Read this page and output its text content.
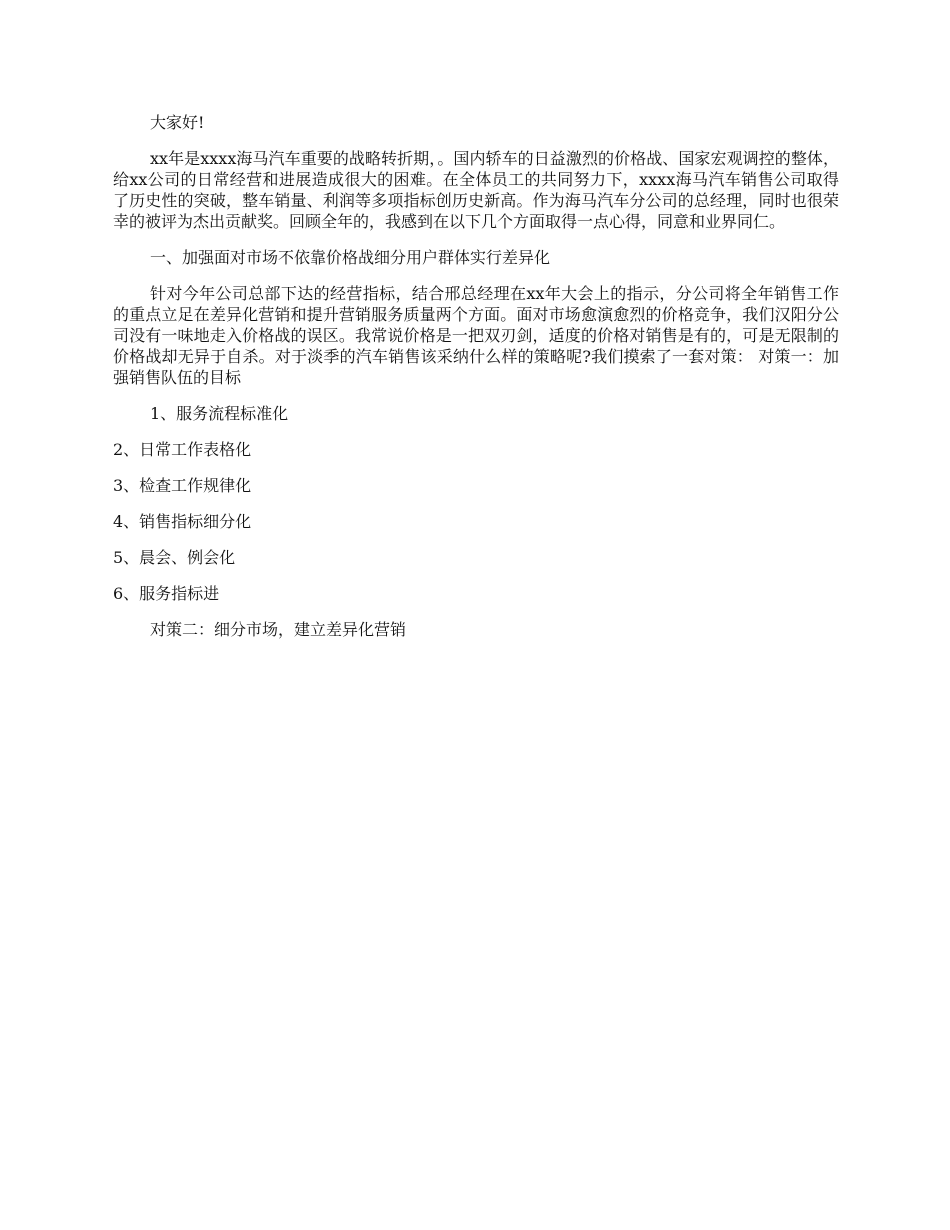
大家好!

xx年是xxxx海马汽车重要的战略转折期，。国内轿车的日益激烈的价格战、国家宏观调控的整体，给xx公司的日常经营和进展造成很大的困难。在全体员工的共同努力下，xxxx海马汽车销售公司取得了历史性的突破，整车销量、利润等多项指标创历史新高。作为海马汽车分公司的总经理，同时也很荣幸的被评为杰出贡献奖。回顾全年的，我感到在以下几个方面取得一点心得，同意和业界同仁。

一、加强面对市场不依靠价格战细分用户群体实行差异化

针对今年公司总部下达的经营指标，结合邢总经理在xx年大会上的指示，分公司将全年销售工作的重点立足在差异化营销和提升营销服务质量两个方面。面对市场愈演愈烈的价格竞争，我们汉阳分公司没有一味地走入价格战的误区。我常说价格是一把双刃剑，适度的价格对销售是有的，可是无限制的价格战却无异于自杀。对于淡季的汽车销售该采纳什么样的策略呢?我们摸索了一套对策： 对策一：加强销售队伍的目标

1、服务流程标准化

2、日常工作表格化

3、检查工作规律化

4、销售指标细分化

5、晨会、例会化

6、服务指标进

对策二：细分市场，建立差异化营销
